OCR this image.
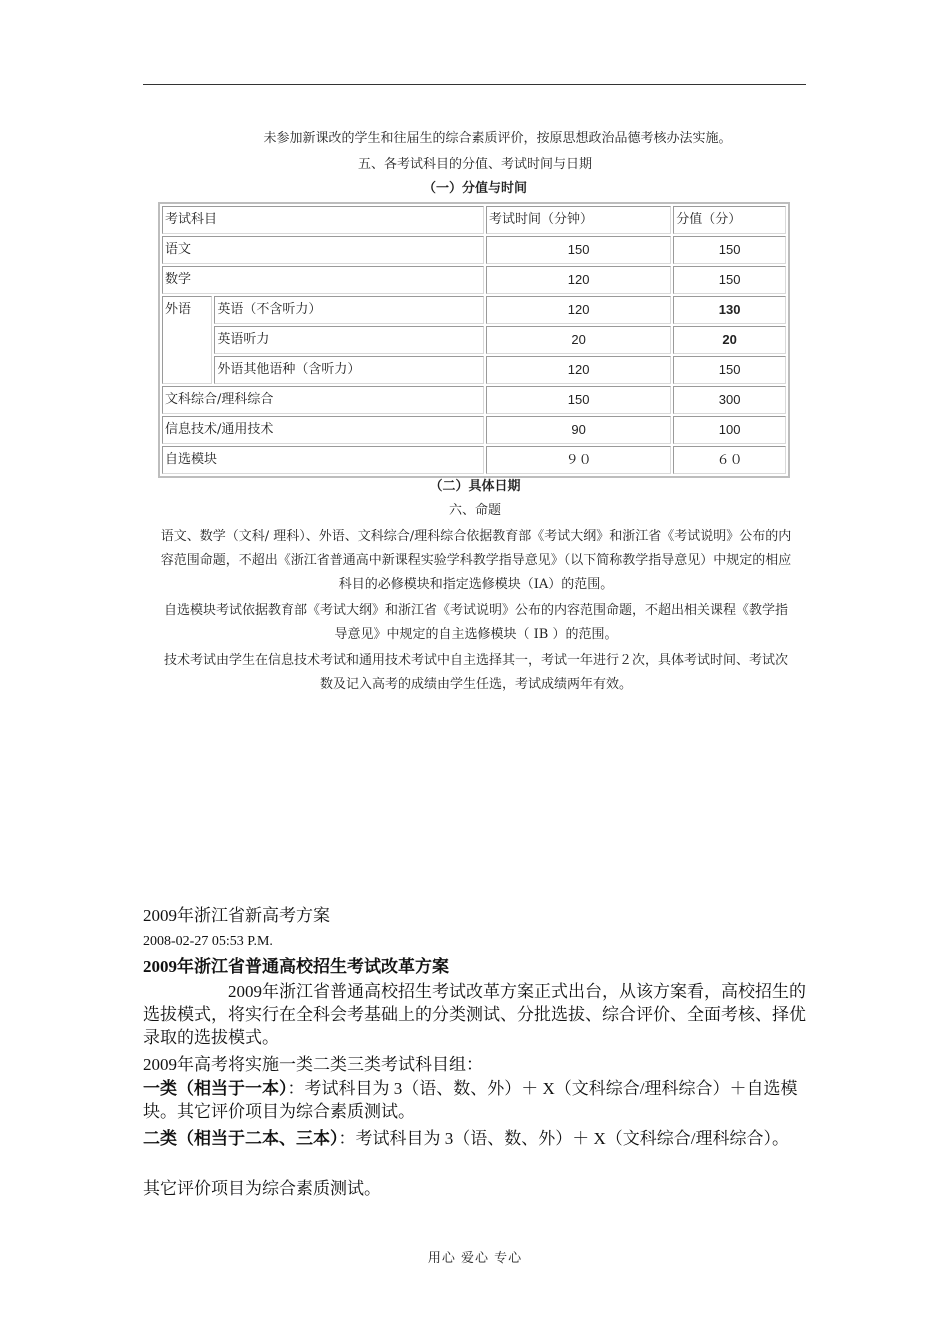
未参加新课改的学生和往届生的综合素质评价，按原思想政治品德考核办法实施。
五、各考试科目的分值、考试时间与日期
（一）分值与时间
考试科目		考试时间（分钟）	分值（分）
语文		150	150
数学		120	150
外语	英语（不含听力）	120	130
	英语听力	20	20
	外语其他语种（含听力）	120	150
文科综合/理科综合		150	300
信息技术/通用技术		90	100
自选模块		９０	６０
（二）具体日期
六、命题
语文、数学（文科/ 理科）、外语、文科综合/理科综合依据教育部《考试大纲》和浙江省《考试说明》公布的内容范围命题，不超出《浙江省普通高中新课程实验学科教学指导意见》（以下简称教学指导意见）中规定的相应科目的必修模块和指定选修模块（IA）的范围。
自选模块考试依据教育部《考试大纲》和浙江省《考试说明》公布的内容范围命题，不超出相关课程《教学指导意见》中规定的自主选修模块（ IB ）的范围。
技术考试由学生在信息技术考试和通用技术考试中自主选择其一，考试一年进行２次，具体考试时间、考试次数及记入高考的成绩由学生任选，考试成绩两年有效。
2009年浙江省新高考方案
2008-02-27 05:53 P.M.
2009年浙江省普通高校招生考试改革方案
2009年浙江省普通高校招生考试改革方案正式出台，从该方案看，高校招生的选拔模式，将实行在全科会考基础上的分类测试、分批选拔、综合评价、全面考核、择优录取的选拔模式。
2009年高考将实施一类二类三类考试科目组：
一类（相当于一本）：考试科目为 3（语、数、外）＋ X（文科综合/理科综合）＋自选模块。其它评价项目为综合素质测试。
二类（相当于二本、三本）：考试科目为 3（语、数、外）＋ X（文科综合/理科综合）。
其它评价项目为综合素质测试。
用心 爱心 专心
